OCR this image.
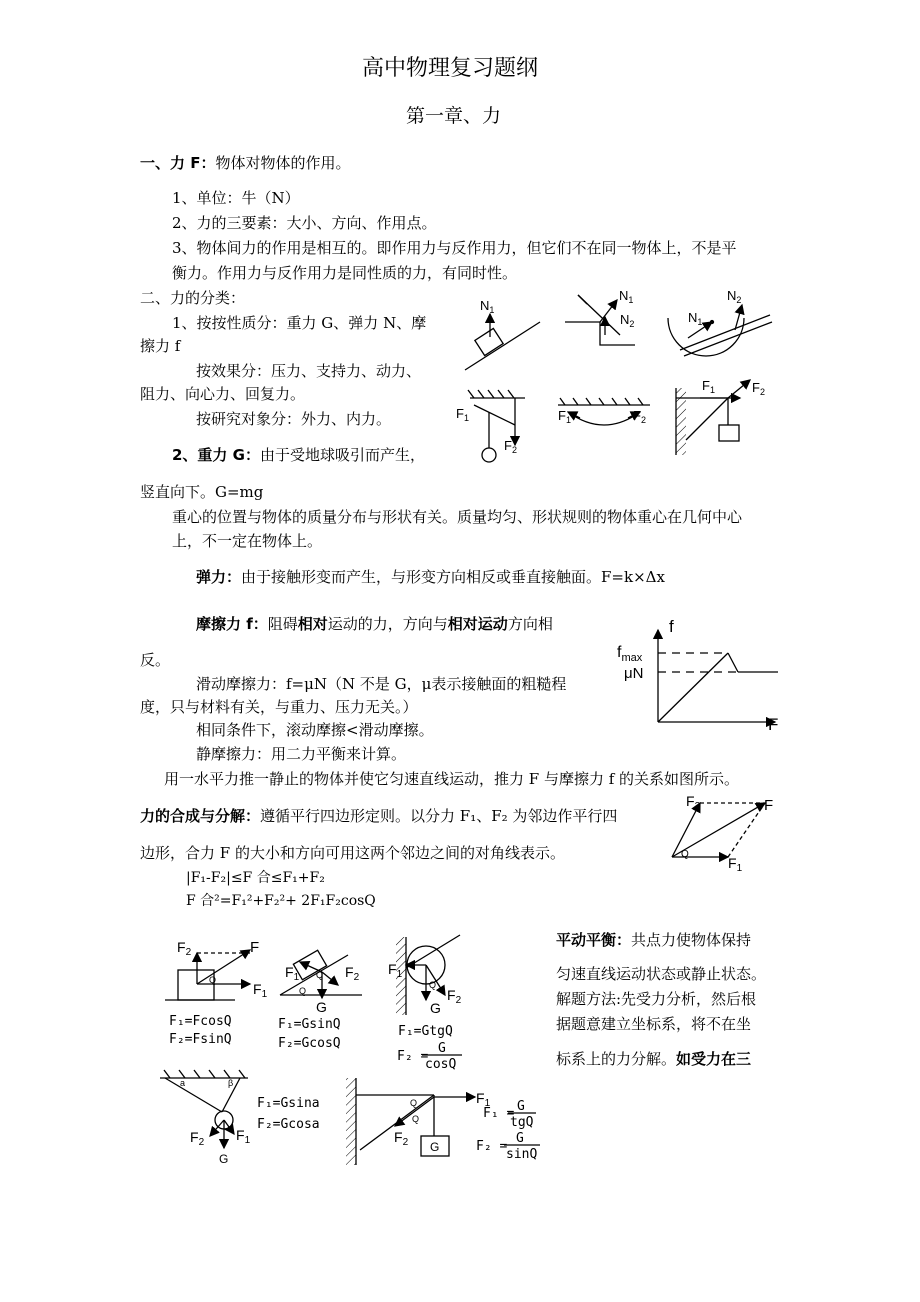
高中物理复习题纲
第一章、力
一、力 F：物体对物体的作用。
1、单位：牛（N）
2、力的三要素：大小、方向、作用点。
3、物体间力的作用是相互的。即作用力与反作用力，但它们不在同一物体上，不是平
衡力。作用力与反作用力是同性质的力，有同时性。
二、力的分类：
1、按按性质分：重力 G、弹力 N、摩
擦力 f
按效果分：压力、支持力、动力、
阻力、向心力、回复力。
按研究对象分：外力、内力。
2、重力 G：由于受地球吸引而产生，
竖直向下。G=mg
重心的位置与物体的质量分布与形状有关。质量均匀、形状规则的物体重心在几何中心
上，不一定在物体上。
弹力：由于接触形变而产生，与形变方向相反或垂直接触面。F=k×Δx
摩擦力 f：阻碍相对运动的力，方向与相对运动方向相
反。
滑动摩擦力：f=μN（N 不是 G，μ表示接触面的粗糙程
度，只与材料有关，与重力、压力无关。）
相同条件下，滚动摩擦<滑动摩擦。
静摩擦力：用二力平衡来计算。
用一水平力推一静止的物体并使它匀速直线运动，推力 F 与摩擦力 f 的关系如图所示。
力的合成与分解：遵循平行四边形定则。以分力 F₁、F₂ 为邻边作平行四
边形，合力 F 的大小和方向可用这两个邻边之间的对角线表示。
|F₁-F₂|≤F 合≤F₁+F₂
F 合²=F₁²+F₂²+ 2F₁F₂cosQ
平动平衡：共点力使物体保持
匀速直线运动状态或静止状态。
解题方法:先受力分析，然后根
据题意建立坐标系，将不在坐
标系上的力分解。如受力在三
$N_1$
$N_1$
$N_2$
$N_2$
$N_1$
$F_1$
$F_2$
$F_1$	$F_2$
$F_1$	$F_2$
f
F
$f_{max}$
μN
$F_2$	F
$F_1$
Q
$F_2$	F
$F_1$
Q
F₁=FcosQ
F₂=FsinQ
$F_1$	$F_2$
G
Q
Q
F₁=GsinQ
F₂=GcosQ
$F_1$
$F_2$
G
Q
F₁=GtgQ
F₂ =
G
cosQ
a	β
$F_2$ $F_1$
G
F₁=Gsina
F₂=Gcosa
$F_1$
$F_2$ G
Q
Q	F₁ = G
tgQ
F₂ =
G
sinQ
